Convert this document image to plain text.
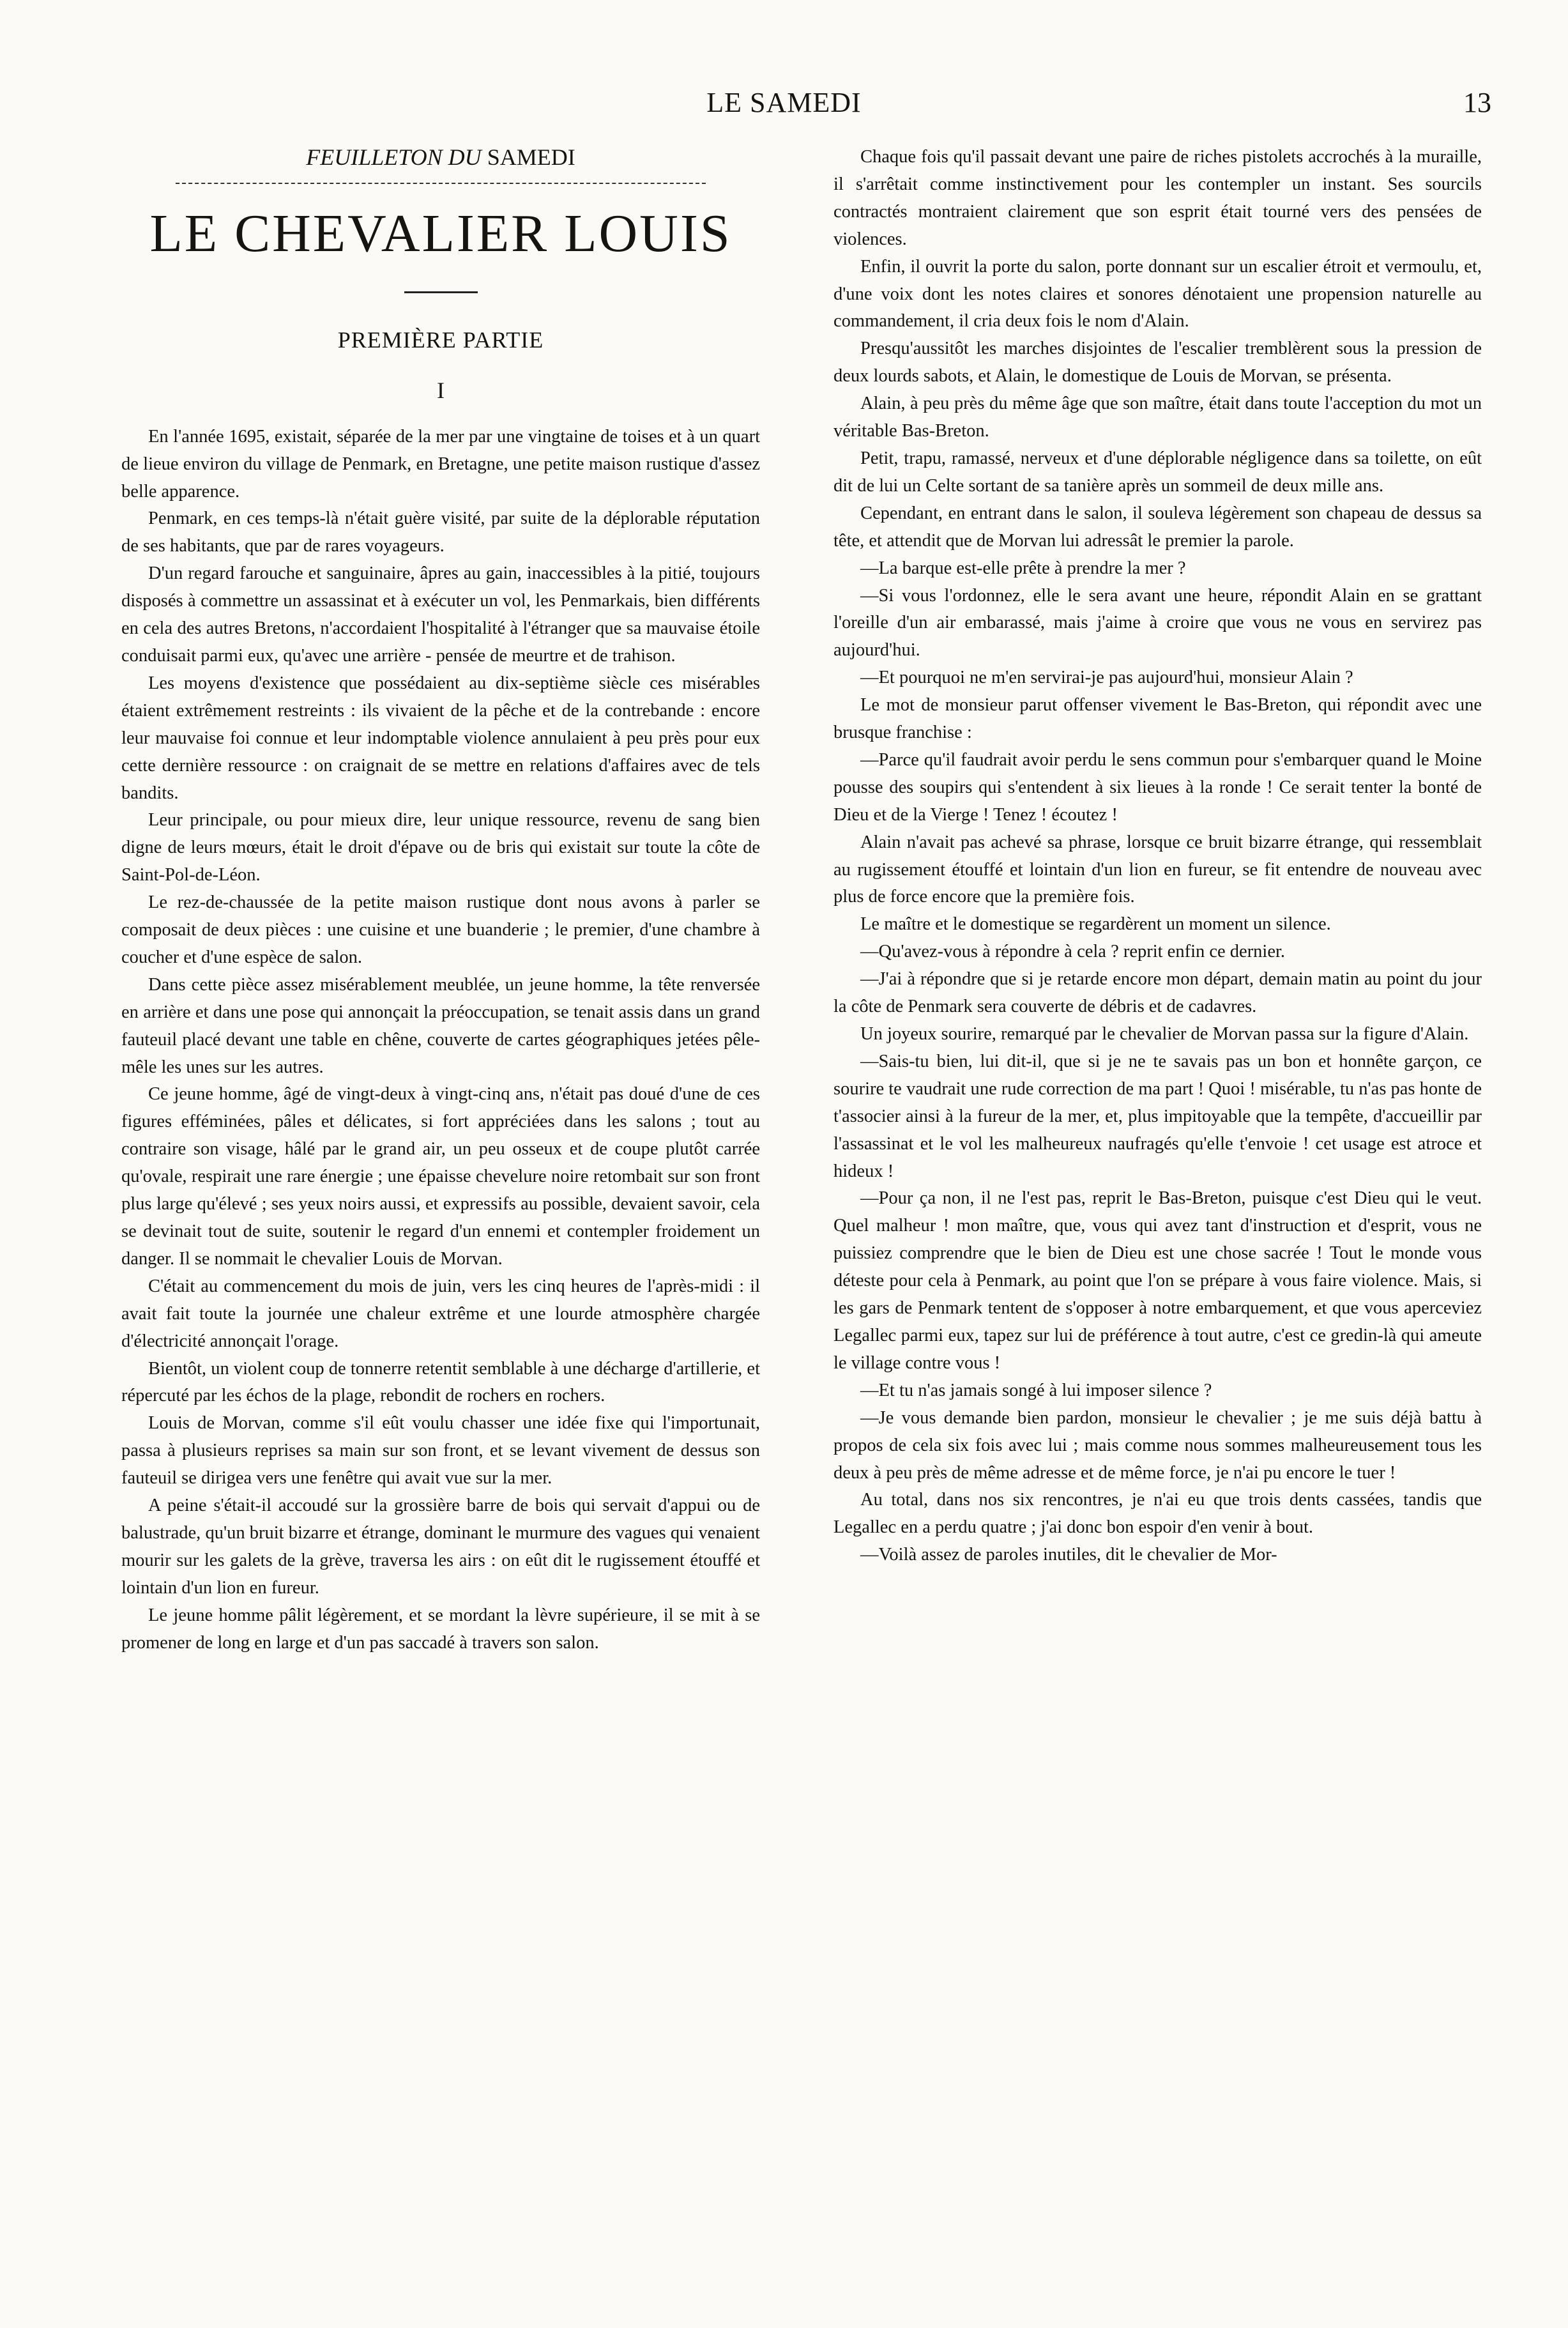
LE SAMEDI	13
FEUILLETON DU SAMEDI
LE CHEVALIER LOUIS
PREMIÈRE PARTIE
I

En l'année 1695, existait, séparée de la mer par une vingtaine de toises et à un quart de lieue environ du village de Penmark, en Bretagne, une petite maison rustique d'assez belle apparence.

Penmark, en ces temps-là n'était guère visité, par suite de la déplorable réputation de ses habitants, que par de rares voyageurs.

D'un regard farouche et sanguinaire, âpres au gain, inaccessibles à la pitié, toujours disposés à commettre un assassinat et à exécuter un vol, les Penmarkais, bien différents en cela des autres Bretons, n'accordaient l'hospitalité à l'étranger que sa mauvaise étoile conduisait parmi eux, qu'avec une arrière - pensée de meurtre et de trahison.

Les moyens d'existence que possédaient au dix-septième siècle ces misérables étaient extrêmement restreints : ils vivaient de la pêche et de la contrebande : encore leur mauvaise foi connue et leur indomptable violence annulaient à peu près pour eux cette dernière ressource : on craignait de se mettre en relations d'affaires avec de tels bandits.

Leur principale, ou pour mieux dire, leur unique ressource, revenu de sang bien digne de leurs mœurs, était le droit d'épave ou de bris qui existait sur toute la côte de Saint-Pol-de-Léon.

Le rez-de-chaussée de la petite maison rustique dont nous avons à parler se composait de deux pièces : une cuisine et une buanderie ; le premier, d'une chambre à coucher et d'une espèce de salon.

Dans cette pièce assez misérablement meublée, un jeune homme, la tête renversée en arrière et dans une pose qui annonçait la préoccupation, se tenait assis dans un grand fauteuil placé devant une table en chêne, couverte de cartes géographiques jetées pêle-mêle les unes sur les autres.

Ce jeune homme, âgé de vingt-deux à vingt-cinq ans, n'était pas doué d'une de ces figures efféminées, pâles et délicates, si fort appréciées dans les salons ; tout au contraire son visage, hâlé par le grand air, un peu osseux et de coupe plutôt carrée qu'ovale, respirait une rare énergie ; une épaisse chevelure noire retombait sur son front plus large qu'élevé ; ses yeux noirs aussi, et expressifs au possible, devaient savoir, cela se devinait tout de suite, soutenir le regard d'un ennemi et contempler froidement un danger. Il se nommait le chevalier Louis de Morvan.

C'était au commencement du mois de juin, vers les cinq heures de l'après-midi : il avait fait toute la journée une chaleur extrême et une lourde atmosphère chargée d'électricité annonçait l'orage.

Bientôt, un violent coup de tonnerre retentit semblable à une décharge d'artillerie, et répercuté par les échos de la plage, rebondit de rochers en rochers.

Louis de Morvan, comme s'il eût voulu chasser une idée fixe qui l'importunait, passa à plusieurs reprises sa main sur son front, et se levant vivement de dessus son fauteuil se dirigea vers une fenêtre qui avait vue sur la mer.

A peine s'était-il accoudé sur la grossière barre de bois qui servait d'appui ou de balustrade, qu'un bruit bizarre et étrange, dominant le murmure des vagues qui venaient mourir sur les galets de la grève, traversa les airs : on eût dit le rugissement étouffé et lointain d'un lion en fureur.

Le jeune homme pâlit légèrement, et se mordant la lèvre supérieure, il se mit à se promener de long en large et d'un pas saccadé à travers son salon.

Chaque fois qu'il passait devant une paire de riches pistolets accrochés à la muraille, il s'arrêtait comme instinctivement pour les contempler un instant. Ses sourcils contractés montraient clairement que son esprit était tourné vers des pensées de violences.

Enfin, il ouvrit la porte du salon, porte donnant sur un escalier étroit et vermoulu, et, d'une voix dont les notes claires et sonores dénotaient une propension naturelle au commandement, il cria deux fois le nom d'Alain.

Presqu'aussitôt les marches disjointes de l'escalier tremblèrent sous la pression de deux lourds sabots, et Alain, le domestique de Louis de Morvan, se présenta.

Alain, à peu près du même âge que son maître, était dans toute l'acception du mot un véritable Bas-Breton.

Petit, trapu, ramassé, nerveux et d'une déplorable négligence dans sa toilette, on eût dit de lui un Celte sortant de sa tanière après un sommeil de deux mille ans.

Cependant, en entrant dans le salon, il souleva légèrement son chapeau de dessus sa tête, et attendit que de Morvan lui adressât le premier la parole.

—La barque est-elle prête à prendre la mer ?

—Si vous l'ordonnez, elle le sera avant une heure, répondit Alain en se grattant l'oreille d'un air embarassé, mais j'aime à croire que vous ne vous en servirez pas aujourd'hui.

—Et pourquoi ne m'en servirai-je pas aujourd'hui, monsieur Alain ?

Le mot de monsieur parut offenser vivement le Bas-Breton, qui répondit avec une brusque franchise :

—Parce qu'il faudrait avoir perdu le sens commun pour s'embarquer quand le Moine pousse des soupirs qui s'entendent à six lieues à la ronde ! Ce serait tenter la bonté de Dieu et de la Vierge ! Tenez ! écoutez !

Alain n'avait pas achevé sa phrase, lorsque ce bruit bizarre étrange, qui ressemblait au rugissement étouffé et lointain d'un lion en fureur, se fit entendre de nouveau avec plus de force encore que la première fois.

Le maître et le domestique se regardèrent un moment un silence.

—Qu'avez-vous à répondre à cela ? reprit enfin ce dernier.

—J'ai à répondre que si je retarde encore mon départ, demain matin au point du jour la côte de Penmark sera couverte de débris et de cadavres.

Un joyeux sourire, remarqué par le chevalier de Morvan passa sur la figure d'Alain.

—Sais-tu bien, lui dit-il, que si je ne te savais pas un bon et honnête garçon, ce sourire te vaudrait une rude correction de ma part ! Quoi ! misérable, tu n'as pas honte de t'associer ainsi à la fureur de la mer, et, plus impitoyable que la tempête, d'accueillir par l'assassinat et le vol les malheureux naufragés qu'elle t'envoie ! cet usage est atroce et hideux !

—Pour ça non, il ne l'est pas, reprit le Bas-Breton, puisque c'est Dieu qui le veut. Quel malheur ! mon maître, que, vous qui avez tant d'instruction et d'esprit, vous ne puissiez comprendre que le bien de Dieu est une chose sacrée ! Tout le monde vous déteste pour cela à Penmark, au point que l'on se prépare à vous faire violence. Mais, si les gars de Penmark tentent de s'opposer à notre embarquement, et que vous aperceviez Legallec parmi eux, tapez sur lui de préférence à tout autre, c'est ce gredin-là qui ameute le village contre vous !

—Et tu n'as jamais songé à lui imposer silence ?

—Je vous demande bien pardon, monsieur le chevalier ; je me suis déjà battu à propos de cela six fois avec lui ; mais comme nous sommes malheureusement tous les deux à peu près de même adresse et de même force, je n'ai pu encore le tuer !

Au total, dans nos six rencontres, je n'ai eu que trois dents cassées, tandis que Legallec en a perdu quatre ; j'ai donc bon espoir d'en venir à bout.

—Voilà assez de paroles inutiles, dit le chevalier de Mor-
